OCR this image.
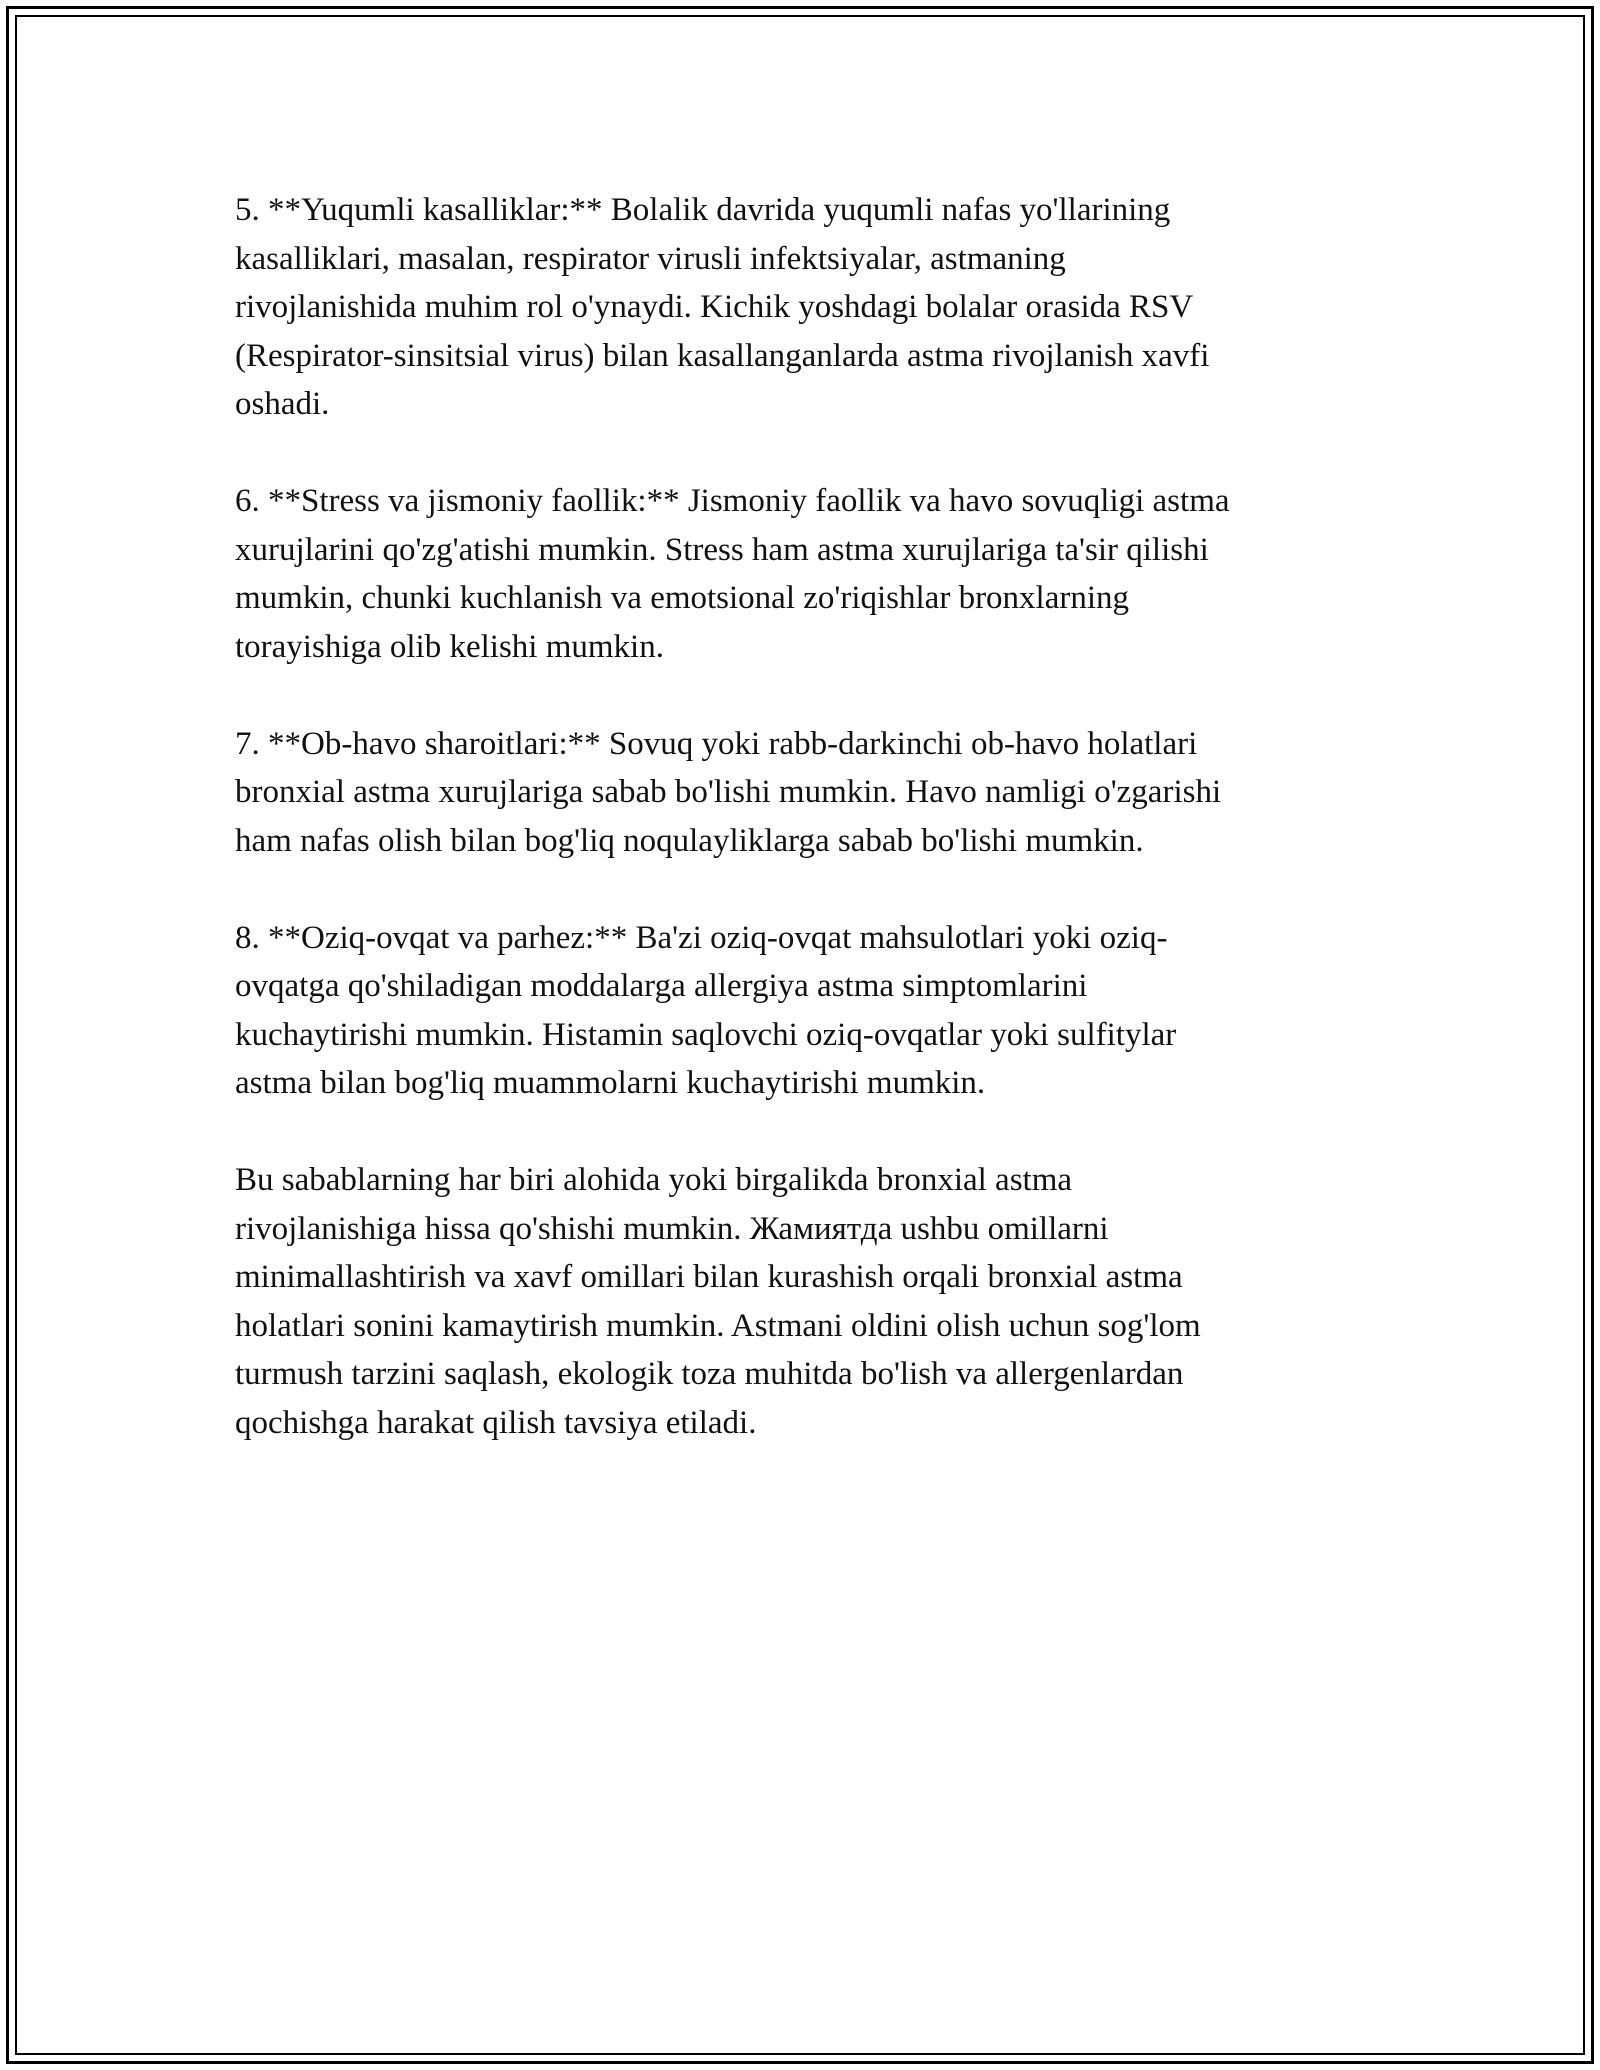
5. **Yuqumli kasalliklar:** Bolalik davrida yuqumli nafas yo'llarining
kasalliklari, masalan, respirator virusli infektsiyalar, astmaning
rivojlanishida muhim rol o'ynaydi. Kichik yoshdagi bolalar orasida RSV
(Respirator-sinsitsial virus) bilan kasallanganlarda astma rivojlanish xavfi
oshadi.

6. **Stress va jismoniy faollik:** Jismoniy faollik va havo sovuqligi astma
xurujlarini qo'zg'atishi mumkin. Stress ham astma xurujlariga ta'sir qilishi
mumkin, chunki kuchlanish va emotsional zo'riqishlar bronxlarning
torayishiga olib kelishi mumkin.

7. **Ob-havo sharoitlari:** Sovuq yoki rabb-darkinchi ob-havo holatlari
bronxial astma xurujlariga sabab bo'lishi mumkin. Havo namligi o'zgarishi
ham nafas olish bilan bog'liq noqulayliklarga sabab bo'lishi mumkin.

8. **Oziq-ovqat va parhez:** Ba'zi oziq-ovqat mahsulotlari yoki oziq-
ovqatga qo'shiladigan moddalarga allergiya astma simptomlarini
kuchaytirishi mumkin. Histamin saqlovchi oziq-ovqatlar yoki sulfitylar
astma bilan bog'liq muammolarni kuchaytirishi mumkin.

Bu sabablarning har biri alohida yoki birgalikda bronxial astma
rivojlanishiga hissa qo'shishi mumkin. Жамиятда ushbu omillarni
minimallashtirish va xavf omillari bilan kurashish orqali bronxial astma
holatlari sonini kamaytirish mumkin. Astmani oldini olish uchun sog'lom
turmush tarzini saqlash, ekologik toza muhitda bo'lish va allergenlardan
qochishga harakat qilish tavsiya etiladi.
